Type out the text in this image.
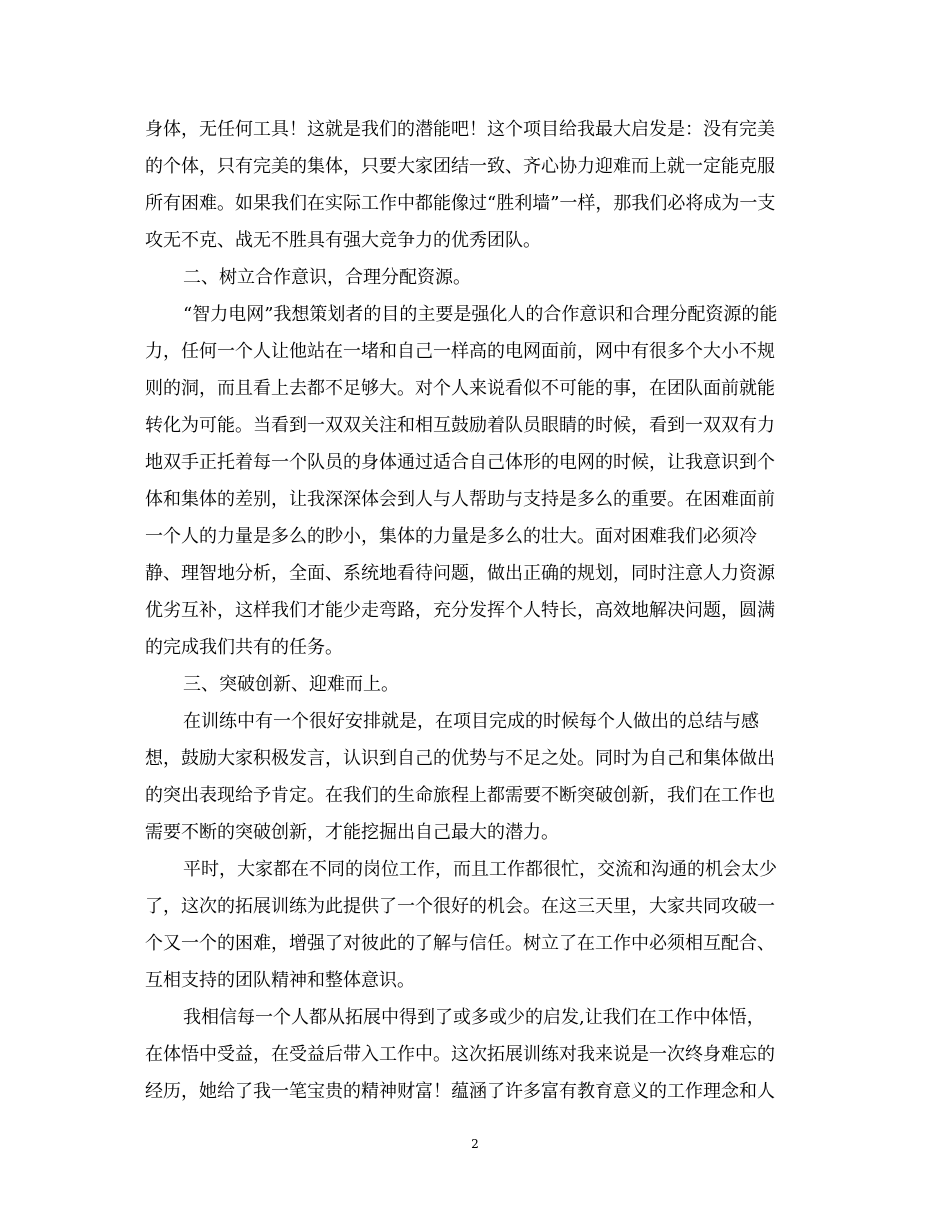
身体，无任何工具！这就是我们的潜能吧！这个项目给我最大启发是：没有完美
的个体，只有完美的集体，只要大家团结一致、齐心协力迎难而上就一定能克服
所有困难。如果我们在实际工作中都能像过“胜利墙”一样，那我们必将成为一支
攻无不克、战无不胜具有强大竞争力的优秀团队。
二、树立合作意识，合理分配资源。
“智力电网”我想策划者的目的主要是强化人的合作意识和合理分配资源的能
力，任何一个人让他站在一堵和自己一样高的电网面前，网中有很多个大小不规
则的洞，而且看上去都不足够大。对个人来说看似不可能的事，在团队面前就能
转化为可能。当看到一双双关注和相互鼓励着队员眼睛的时候，看到一双双有力
地双手正托着每一个队员的身体通过适合自己体形的电网的时候，让我意识到个
体和集体的差别，让我深深体会到人与人帮助与支持是多么的重要。在困难面前
一个人的力量是多么的眇小，集体的力量是多么的壮大。面对困难我们必须冷
静、理智地分析，全面、系统地看待问题，做出正确的规划，同时注意人力资源
优劣互补，这样我们才能少走弯路，充分发挥个人特长，高效地解决问题，圆满
的完成我们共有的任务。
三、突破创新、迎难而上。
在训练中有一个很好安排就是，在项目完成的时候每个人做出的总结与感
想，鼓励大家积极发言，认识到自己的优势与不足之处。同时为自己和集体做出
的突出表现给予肯定。在我们的生命旅程上都需要不断突破创新，我们在工作也
需要不断的突破创新，才能挖掘出自己最大的潜力。
平时，大家都在不同的岗位工作，而且工作都很忙，交流和沟通的机会太少
了，这次的拓展训练为此提供了一个很好的机会。在这三天里，大家共同攻破一
个又一个的困难，增强了对彼此的了解与信任。树立了在工作中必须相互配合、
互相支持的团队精神和整体意识。
我相信每一个人都从拓展中得到了或多或少的启发,让我们在工作中体悟，
在体悟中受益，在受益后带入工作中。这次拓展训练对我来说是一次终身难忘的
经历，她给了我一笔宝贵的精神财富！蕴涵了许多富有教育意义的工作理念和人
2
